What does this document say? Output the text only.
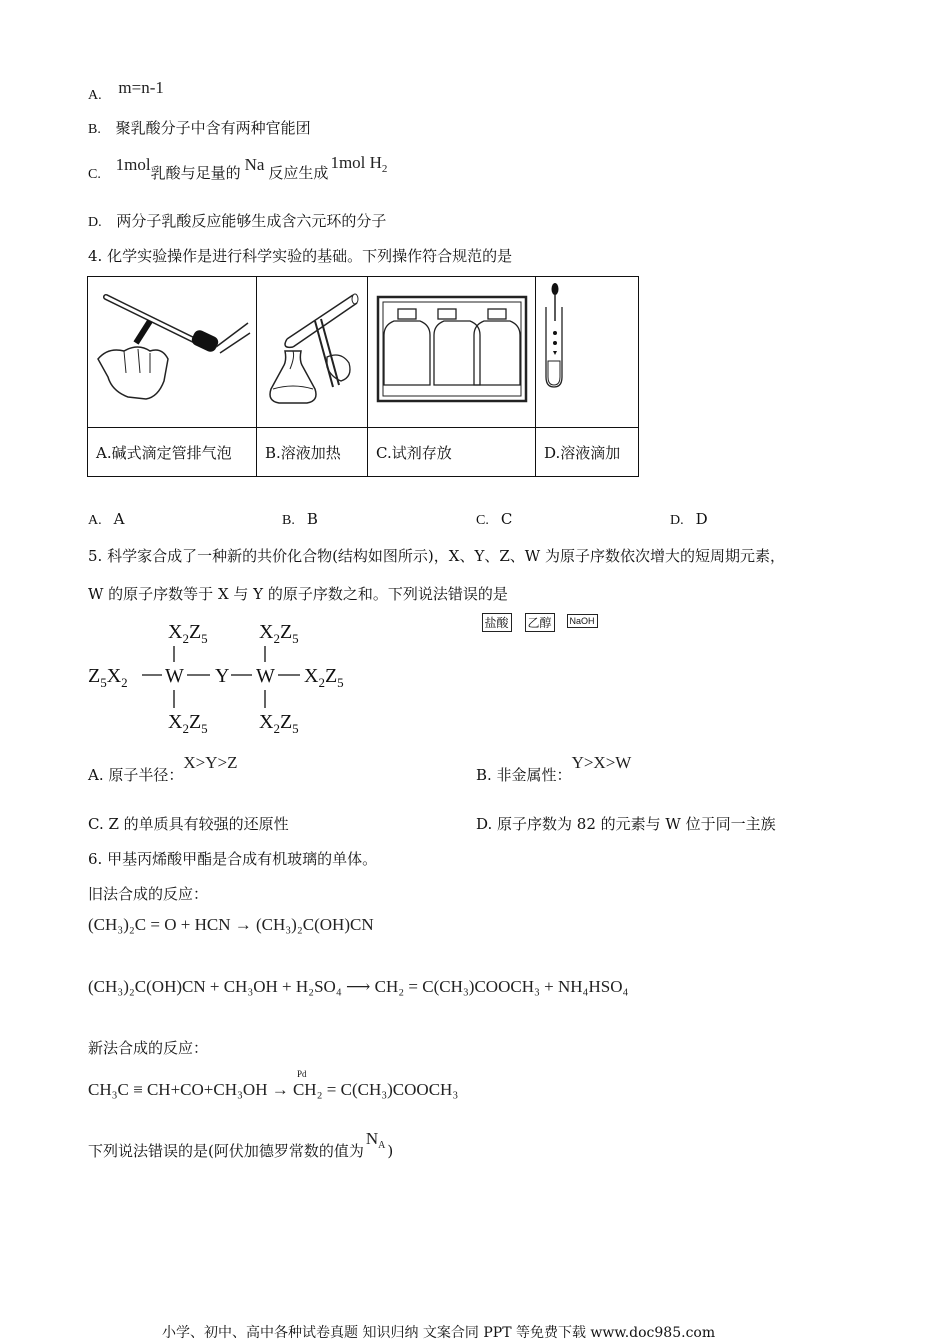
A. m=n-1
B. 聚乳酸分子中含有两种官能团
C. 1mol乳酸与足量的 Na 反应生成1mol $H_2$
D. 两分子乳酸反应能够生成含六元环的分子
4. 化学实验操作是进行科学实验的基础。下列操作符合规范的是

盐酸 乙醇 NaOH

A.碱式滴定管排气泡	B.溶液加热	C.试剂存放	D.溶液滴加
A. A	B. B	C. C	D. D
5. 科学家合成了一种新的共价化合物(结构如图所示)，X、Y、Z、W 为原子序数依次增大的短周期元素，
W 的原子序数等于 X 与 Y 的原子序数之和。下列说法错误的是
$X_2Z_5$	$X_2Z_5$
$Z_5X_2$ W Y W $X_2Z_5$
$X_2Z_5$	$X_2Z_5$
A. 原子半径：X>Y>Z
B. 非金属性：Y>X>W
C. Z 的单质具有较强的还原性	D. 原子序数为 82 的元素与 W 位于同一主族
6. 甲基丙烯酸甲酯是合成有机玻璃的单体。
旧法合成的反应：
(CH₃)₂C = O + HCN → (CH₃)₂C(OH)CN
(CH₃)₂C(OH)CN + CH₃OH + H₂SO₄ ⟶ CH₂ = C(CH₃)COOCH₃ + NH₄HSO₄
新法合成的反应：
Pd
CH₃C ≡ CH+CO+CH₃OH → CH₂ = C(CH₃)COOCH₃
下列说法错误的是(阿伏加德罗常数的值为$N_A$ )
小学、初中、高中各种试卷真题 知识归纳 文案合同 PPT 等免费下载 www.doc985.com
